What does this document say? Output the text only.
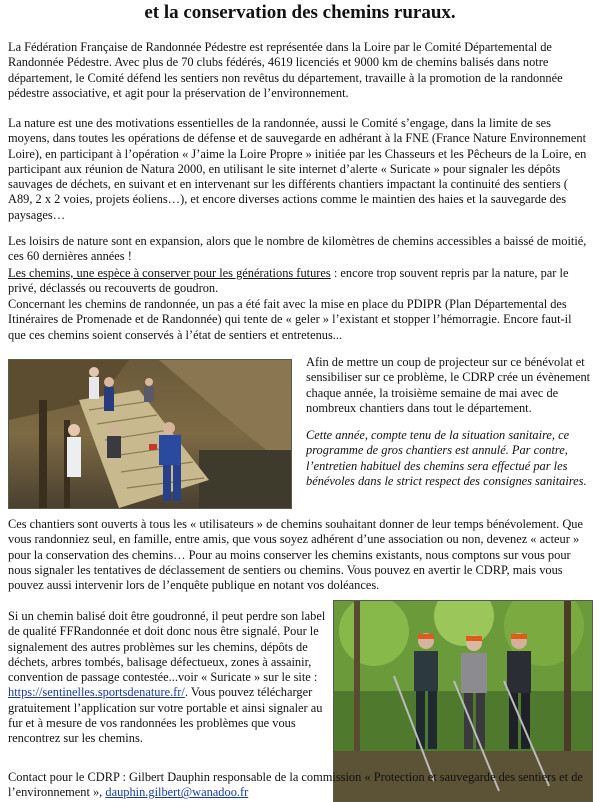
et la conservation des chemins ruraux.

La Fédération Française de Randonnée Pédestre est représentée dans la Loire par le Comité Départemental de Randonnée Pédestre. Avec plus de 70 clubs fédérés, 4619 licenciés et 9000 km de chemins balisés dans notre département, le Comité défend les sentiers non revêtus du département, travaille à la promotion de la randonnée pédestre associative, et agit pour la préservation de l’environnement.

La nature est une des motivations essentielles de la randonnée, aussi le Comité s’engage, dans la limite de ses moyens, dans toutes les opérations de défense et de sauvegarde en adhérant à la FNE (France Nature Environnement Loire), en participant à l’opération « J’aime la Loire Propre » initiée par les Chasseurs et les Pêcheurs de la Loire, en participant aux réunion de Natura 2000, en utilisant le site internet d’alerte « Suricate » pour signaler les dépôts sauvages de déchets, en suivant et en intervenant sur les différents chantiers impactant la continuité des sentiers ( A89, 2 x 2 voies, projets éoliens…), et encore diverses actions comme le maintien des haies et la sauvegarde des paysages…

Les loisirs de nature sont en expansion, alors que le nombre de kilomètres de chemins accessibles a baissé de moitié, ces 60 dernières années !

Les chemins, une espèce à conserver pour les générations futures : encore trop souvent repris par la nature, par le privé, déclassés ou recouverts de goudron.

Concernant les chemins de randonnée, un pas a été fait avec la mise en place du PDIPR (Plan Départemental des Itinéraires de Promenade et de Randonnée) qui tente de « geler » l’existant et stopper l’hémorragie. Encore faut-il que ces chemins soient conservés à l’état de sentiers et entretenus...

Afin de mettre un coup de projecteur sur ce bénévolat et sensibiliser sur ce problème, le CDRP crée un évènement chaque année, la troisième semaine de mai avec de nombreux chantiers dans tout le département.

Cette année, compte tenu de la situation sanitaire, ce programme de gros chantiers est annulé. Par contre, l’entretien habituel des chemins sera effectué par les bénévoles dans le strict respect des consignes sanitaires.

Ces chantiers sont ouverts à tous les « utilisateurs » de chemins souhaitant donner de leur temps bénévolement. Que vous randonniez seul, en famille, entre amis, que vous soyez adhérent d’une association ou non, devenez « acteur » pour la conservation des chemins… Pour au moins conserver les chemins existants, nous comptons sur vous pour nous signaler les tentatives de déclassement de sentiers ou chemins. Vous pouvez en avertir le CDRP, mais vous pouvez aussi intervenir lors de l’enquête publique en notant vos doléances.

Si un chemin balisé doit être goudronné, il peut perdre son label de qualité FFRandonnée et doit donc nous être signalé. Pour le signalement des autres problèmes sur les chemins, dépôts de déchets, arbres tombés, balisage défectueux, zones à assainir, convention de passage contestée...voir « Suricate » sur le site : https://sentinelles.sportsdenature.fr/. Vous pouvez télécharger gratuitement l’application sur votre portable et ainsi signaler au fur et à mesure de vos randonnées les problèmes que vous rencontrez sur les chemins.

Contact pour le CDRP : Gilbert Dauphin responsable de la commission « Protection et sauvegarde des sentiers et de l’environnement », dauphin.gilbert@wanadoo.fr
